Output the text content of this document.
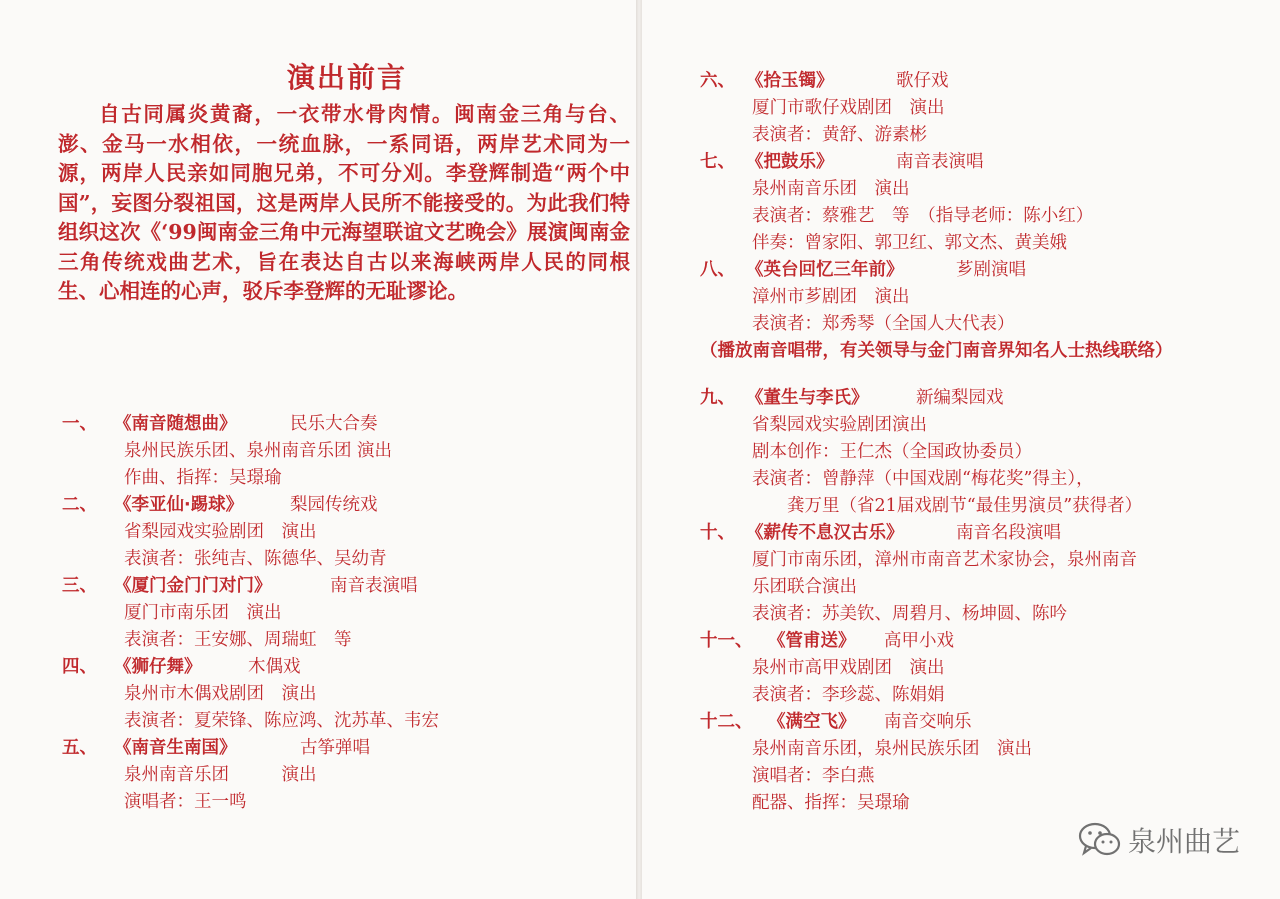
演出前言

自古同属炎黄裔，一衣带水骨肉情。闽南金三角与台、澎、金马一水相依，一统血脉，一系同语，两岸艺术同为一源，两岸人民亲如同胞兄弟，不可分刈。李登辉制造“两个中国”，妄图分裂祖国，这是两岸人民所不能接受的。为此我们特组织这次《‘99闽南金三角中元海望联谊文艺晚会》展演闽南金三角传统戏曲艺术，旨在表达自古以来海峡两岸人民的同根生、心相连的心声，驳斥李登辉的无耻谬论。

一、 《南音随想曲》	民乐大合奏
泉州民族乐团、泉州南音乐团 演出
作曲、指挥：吴璟瑜
二、 《李亚仙·踢球》	梨园传统戏
省梨园戏实验剧团　演出
表演者：张纯吉、陈德华、吴幼青
三、 《厦门金门门对门》	南音表演唱
厦门市南乐团　演出
表演者：王安娜、周瑞虹　等
四、 《狮仔舞》	木偶戏
泉州市木偶戏剧团　演出
表演者：夏荣锋、陈应鸿、沈苏革、韦宏
五、 《南音生南国》	古筝弹唱
泉州南音乐团　　　演出
演唱者：王一鸣
六、 《拾玉镯》	歌仔戏
厦门市歌仔戏剧团　演出
表演者：黄舒、游素彬
七、 《把鼓乐》	南音表演唱
泉州南音乐团　演出
表演者：蔡雅艺　等　（指导老师：陈小红）
伴奏：曾家阳、郭卫红、郭文杰、黄美娥
八、 《英台回忆三年前》	芗剧演唱
漳州市芗剧团　演出
表演者：郑秀琴（全国人大代表）
（播放南音唱带，有关领导与金门南音界知名人士热线联络）
九、 《董生与李氏》	新编梨园戏
省梨园戏实验剧团演出
剧本创作：王仁杰（全国政协委员）
表演者：曾静萍（中国戏剧“梅花奖”得主），
　　龚万里（省21届戏剧节“最佳男演员”获得者）
十、 《薪传不息汉古乐》	南音名段演唱
厦门市南乐团，漳州市南音艺术家协会，泉州南音
乐团联合演出
表演者：苏美钦、周碧月、杨坤圆、陈吟
十一、 《管甫送》 高甲小戏
泉州市高甲戏剧团　演出
表演者：李珍蕊、陈娟娟
十二、 《满空飞》 南音交响乐
泉州南音乐团，泉州民族乐团　演出
演唱者：李白燕
配器、指挥：吴璟瑜
泉州曲艺
